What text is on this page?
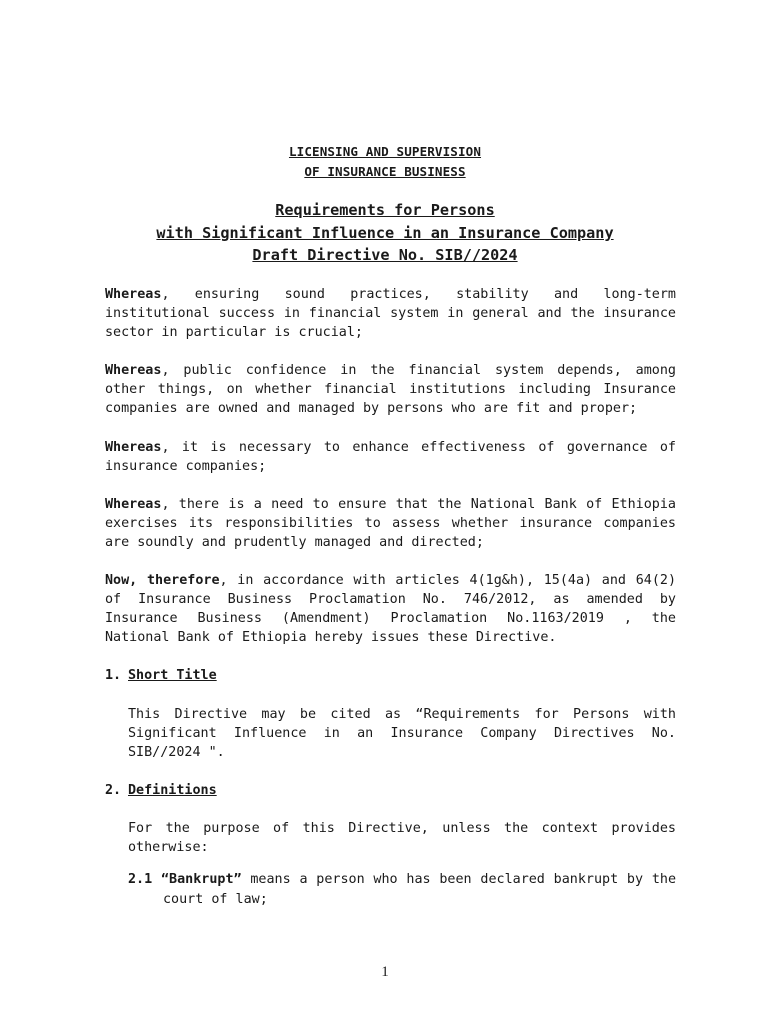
LICENSING AND SUPERVISION
OF INSURANCE BUSINESS
Requirements for Persons
with Significant Influence in an Insurance Company
Draft Directive No. SIB//2024

Whereas, ensuring sound practices, stability and long-term institutional success in financial system in general and the insurance sector in particular is crucial;

Whereas, public confidence in the financial system depends, among other things, on whether financial institutions including Insurance companies are owned and managed by persons who are fit and proper;

Whereas, it is necessary to enhance effectiveness of governance of insurance companies;

Whereas, there is a need to ensure that the National Bank of Ethiopia exercises its responsibilities to assess whether insurance companies are soundly and prudently managed and directed;

Now, therefore, in accordance with articles 4(1g&h), 15(4a) and 64(2) of Insurance Business Proclamation No. 746/2012, as amended by Insurance Business (Amendment) Proclamation No.1163/2019 , the National Bank of Ethiopia hereby issues these Directive.

1. Short Title

This Directive may be cited as “Requirements for Persons with Significant Influence in an Insurance Company Directives No. SIB//2024 ".

2. Definitions

For the purpose of this Directive, unless the context provides otherwise:

2.1 “Bankrupt” means a person who has been declared bankrupt by the court of law;

1
